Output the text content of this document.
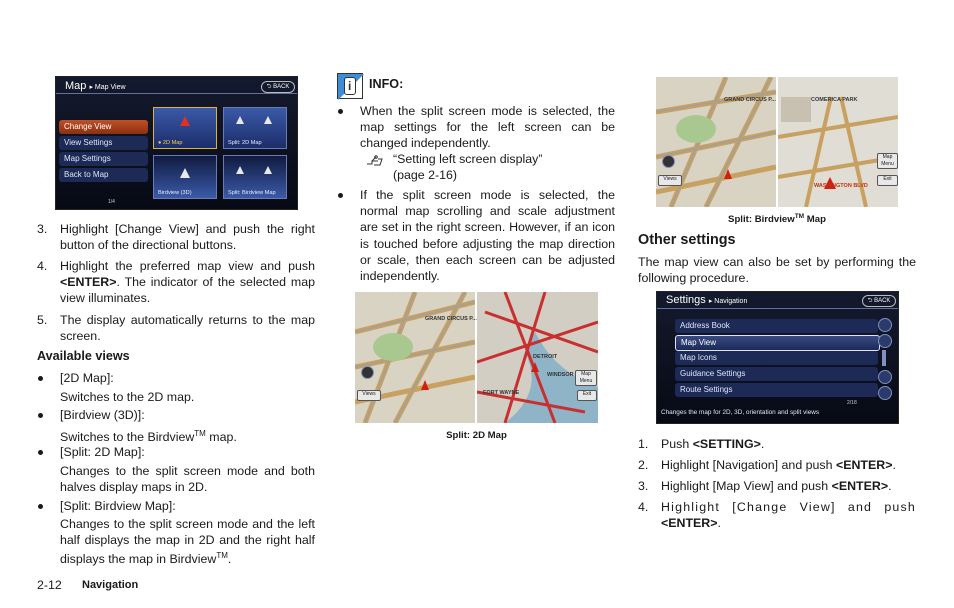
Map ▸ Map View	⮌ BACK
Change View
View Settings
Map Settings
Back to Map
1/4
● 2D Map	Split: 2D Map
Birdview (3D)	Split: Birdview Map
3. Highlight [Change View] and push the right button of the directional buttons.
4. Highlight the preferred map view and push <ENTER>. The indicator of the selected map view illuminates.
5. The display automatically returns to the map screen.
Available views
[2D Map]:
Switches to the 2D map.
[Birdview (3D)]:
Switches to the Birdview™ map.
[Split: 2D Map]:
Changes to the split screen mode and both halves display maps in 2D.
[Split: Birdview Map]:
Changes to the split screen mode and the left half displays the map in 2D and the right half displays the map in Birdview™.
2-12 Navigation
i INFO:
When the split screen mode is selected, the map settings for the left screen can be changed independently.
“Setting left screen display”
(page 2-16)
If the split screen mode is selected, the normal map scrolling and scale adjustment are set in the right screen. However, if an icon is touched before adjusting the map direction or scale, then each screen can be adjusted independently.
GRAND CIRCUS P...
DETROIT
WINDSOR
FORT WAYNE
Map Menu
Views	Exit
Split: 2D Map
GRAND CIRCUS P...	COMERICA PARK
WASHINGTON BLVD
Map Menu
Views	Exit
Split: Birdview™ Map
Other settings
The map view can also be set by performing the following procedure.
Settings ▸ Navigation	⮌ BACK
Address Book
Map View
Map Icons
Guidance Settings
Route Settings
2/18
Changes the map for 2D, 3D, orientation and split views
1. Push <SETTING>.
2. Highlight [Navigation] and push <ENTER>.
3. Highlight [Map View] and push <ENTER>.
4. Highlight [Change View] and push <ENTER>.
